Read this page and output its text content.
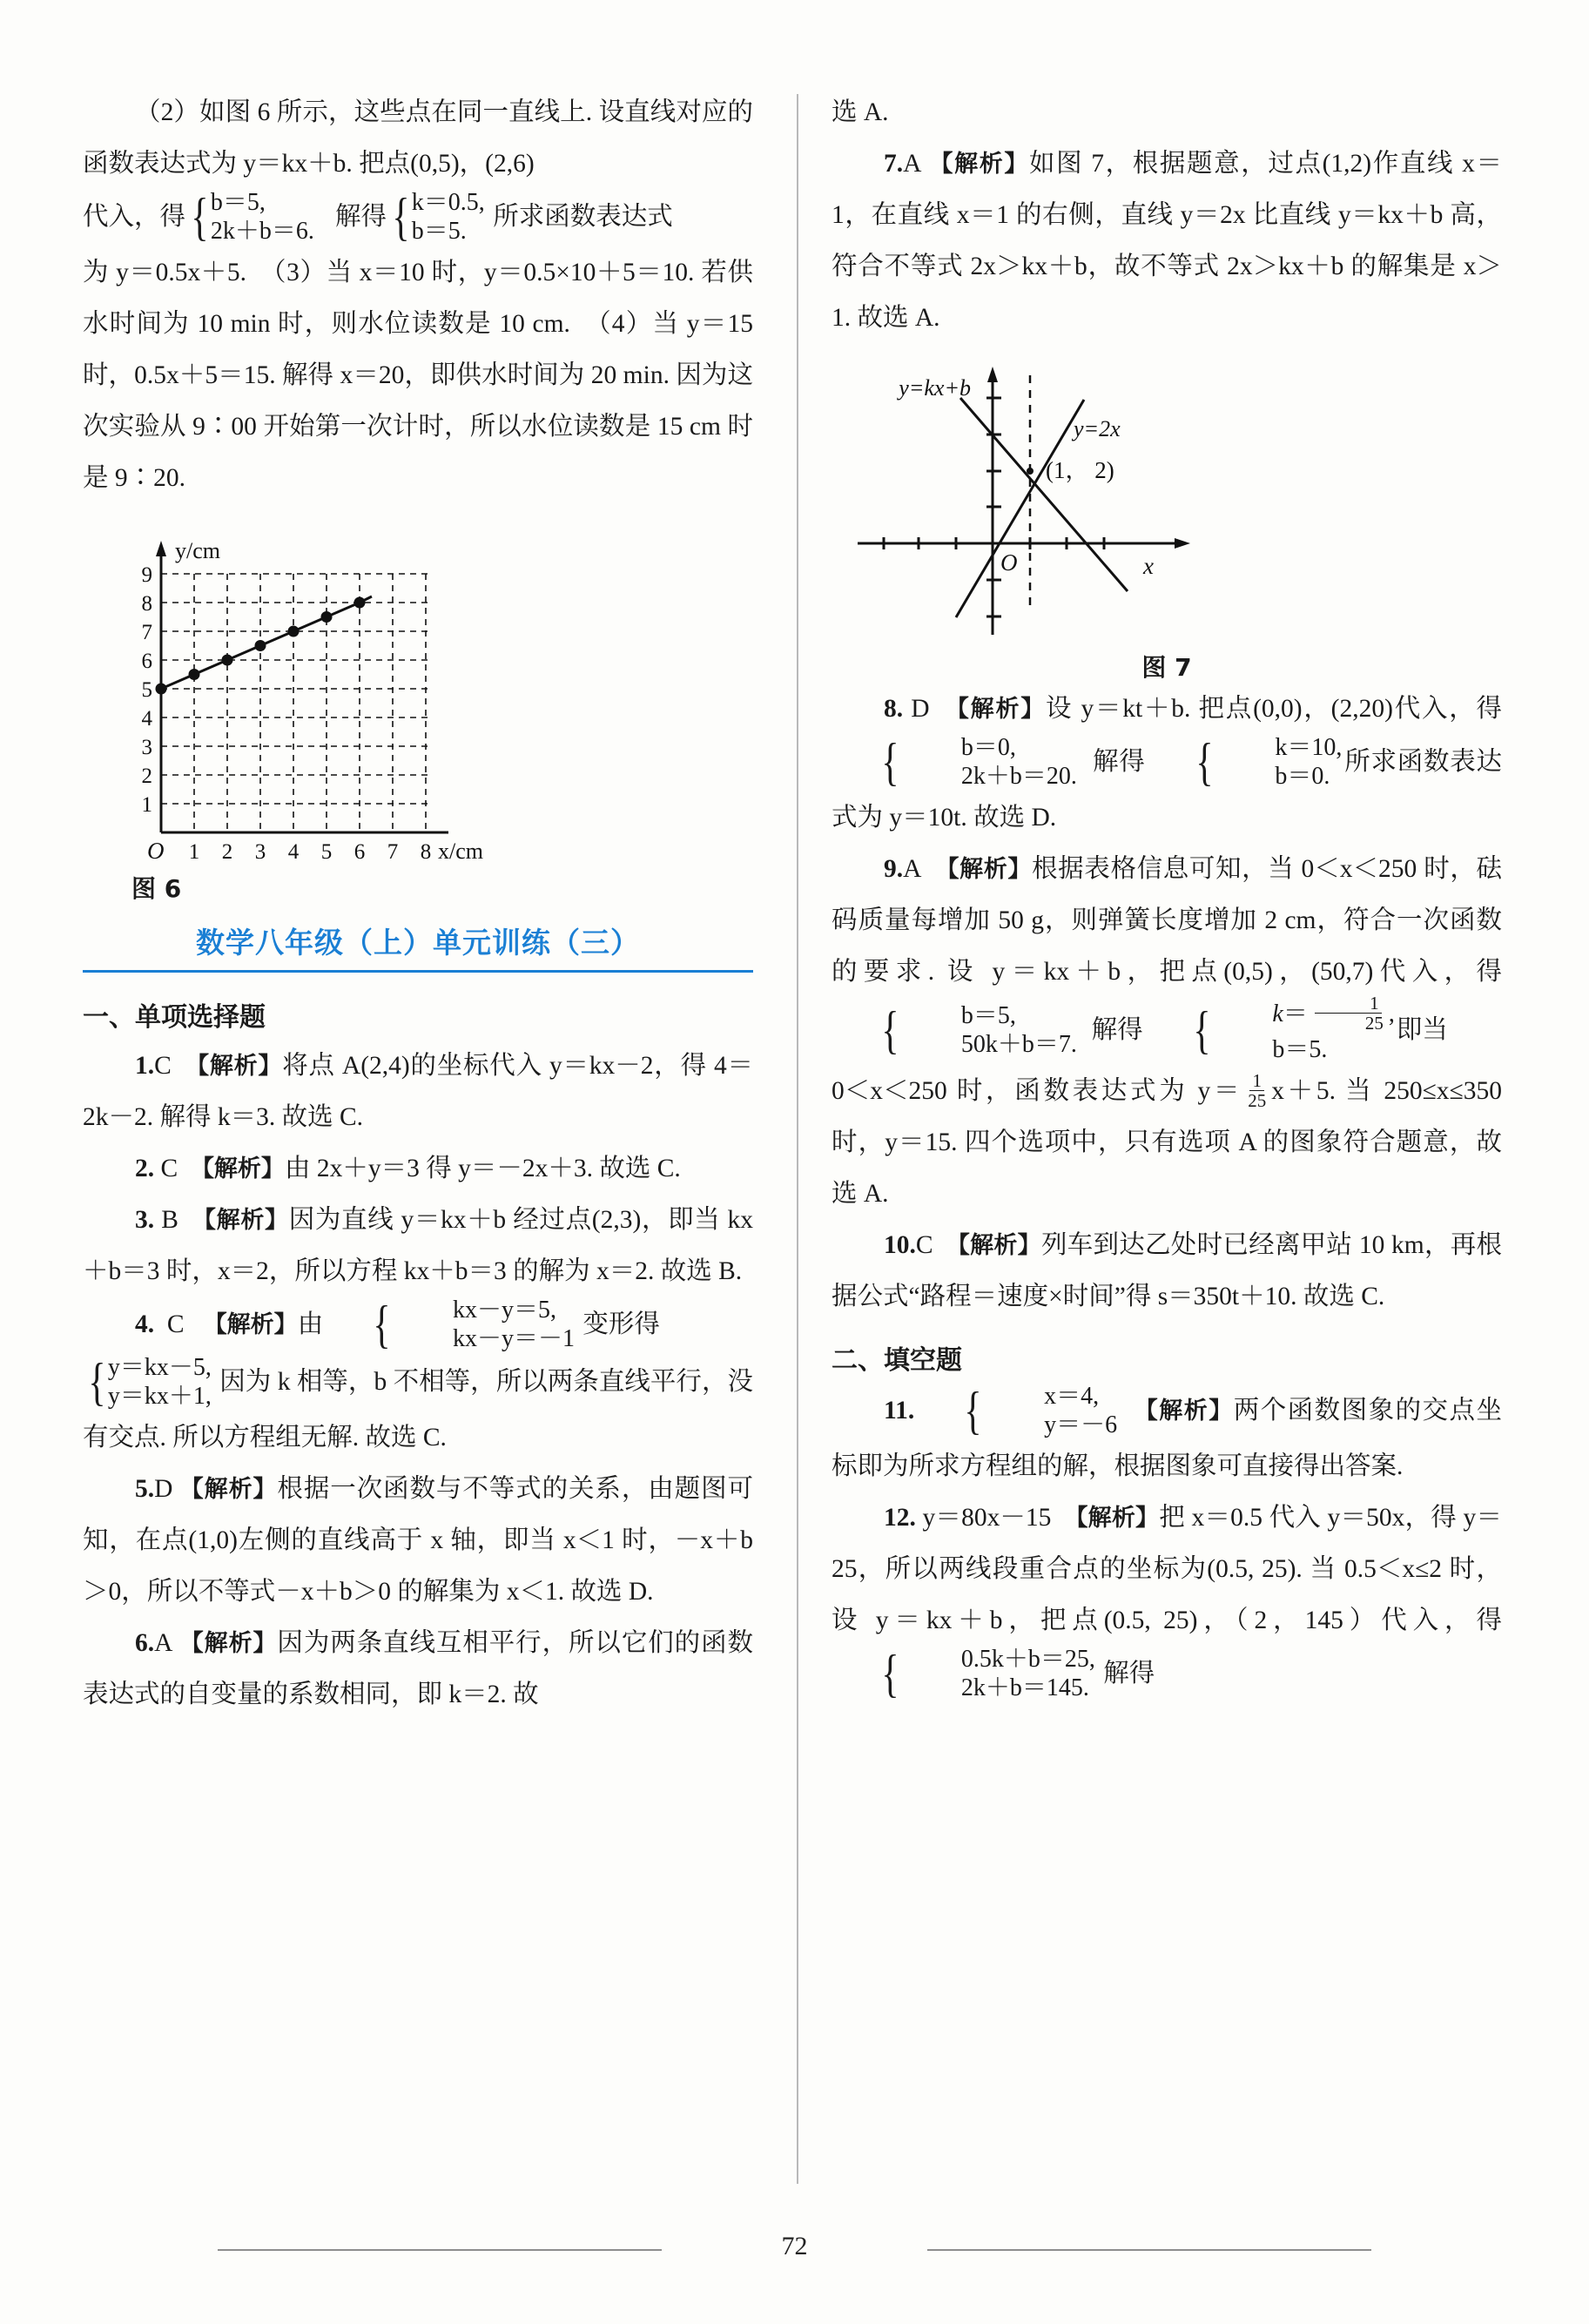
（2）如图 6 所示，这些点在同一直线上. 设直线对应的函数表达式为 y＝kx＋b. 把点(0,5)，(2,6)

代入，得 { b＝5,
2k＋b＝6.
解得 { k＝0.5,
b＝5.
所求函数表达式

为 y＝0.5x＋5.　（3）当 x＝10 时，y＝0.5×10＋5＝10. 若供水时间为 10 min 时，则水位读数是 10 cm.　（4）当 y＝15 时，0.5x＋5＝15. 解得 x＝20，即供水时间为 20 min. 因为这次实验从 9∶00 开始第一次计时，所以水位读数是 15 cm 时是 9∶20.

1
2
3
4
5
6
7
8
9
1 2 3 4 5 6 7 8
O
y/cm
x/cm
图 6
数学八年级（上）单元训练（三）
一、单项选择题

1.C 【解析】将点 A(2,4)的坐标代入 y＝kx－2，得 4＝2k－2. 解得 k＝3. 故选 C.

2. C 【解析】由 2x＋y＝3 得 y＝－2x＋3. 故选 C.

3. B 【解析】因为直线 y＝kx＋b 经过点(2,3)，即当 kx＋b＝3 时，x＝2，所以方程 kx＋b＝3 的解为 x＝2. 故选 B.

4. C 【解析】由 {	kx－y＝5,
kx－y＝－1
变形得

{ y＝kx－5,
y＝kx＋1,
因为 k 相等，b 不相等，所以两条直线平行，没有交点. 所以方程组无解. 故选 C.

5.D 【解析】根据一次函数与不等式的关系，由题图可知，在点(1,0)左侧的直线高于 x 轴，即当 x＜1 时，－x＋b＞0，所以不等式－x＋b＞0 的解集为 x＜1. 故选 D.

6.A 【解析】因为两条直线互相平行，所以它们的函数表达式的自变量的系数相同，即 k＝2. 故

选 A.

7.A 【解析】如图 7，根据题意，过点(1,2)作直线 x＝1，在直线 x＝1 的右侧，直线 y＝2x 比直线 y＝kx＋b 高，符合不等式 2x＞kx＋b，故不等式 2x＞kx＋b 的解集是 x＞1. 故选 A.

y=kx+b
y=2x
(1， 2)
O	x
图 7

8. D 【解析】设 y＝kt＋b. 把点(0,0)，(2,20)代入，得
{	b＝0,
2k＋b＝20.
解得 {	k＝10,
b＝0.
所求函数表达式为 y＝10t. 故选 D.

9.A 【解析】根据表格信息可知，当 0＜x＜250 时，砝码质量每增加 50 g，则弹簧长度增加 2 cm，符合一次函数的要求. 设 y＝kx＋b，把点(0,5)，(50,7)代入，得
{	b＝5,
50k＋b＝7.
解得 {	$k= \frac{1}{25}$ ,
b＝5.
即当

0＜x＜250 时，函数表达式为 $y= \frac{1}{25} x+5$. 当 250≤x≤350 时，y＝15. 四个选项中，只有选项 A 的图象符合题意，故选 A.

10.C 【解析】列车到达乙处时已经离甲站 10 km，再根据公式“路程＝速度×时间”得 s＝350t＋10. 故选 C.

二、填空题

11. {	x＝4,
y＝－6
【解析】两个函数图象的交点坐标即为所求方程组的解，根据图象可直接得出答案.

12. y＝80x－15 【解析】把 x＝0.5 代入 y＝50x，得 y＝25，所以两线段重合点的坐标为(0.5, 25). 当 0.5＜x≤2 时，设 y＝kx＋b，把点(0.5, 25)，（2，145）代入，得
{	0.5k＋b＝25,
2k＋b＝145.
解得

72
